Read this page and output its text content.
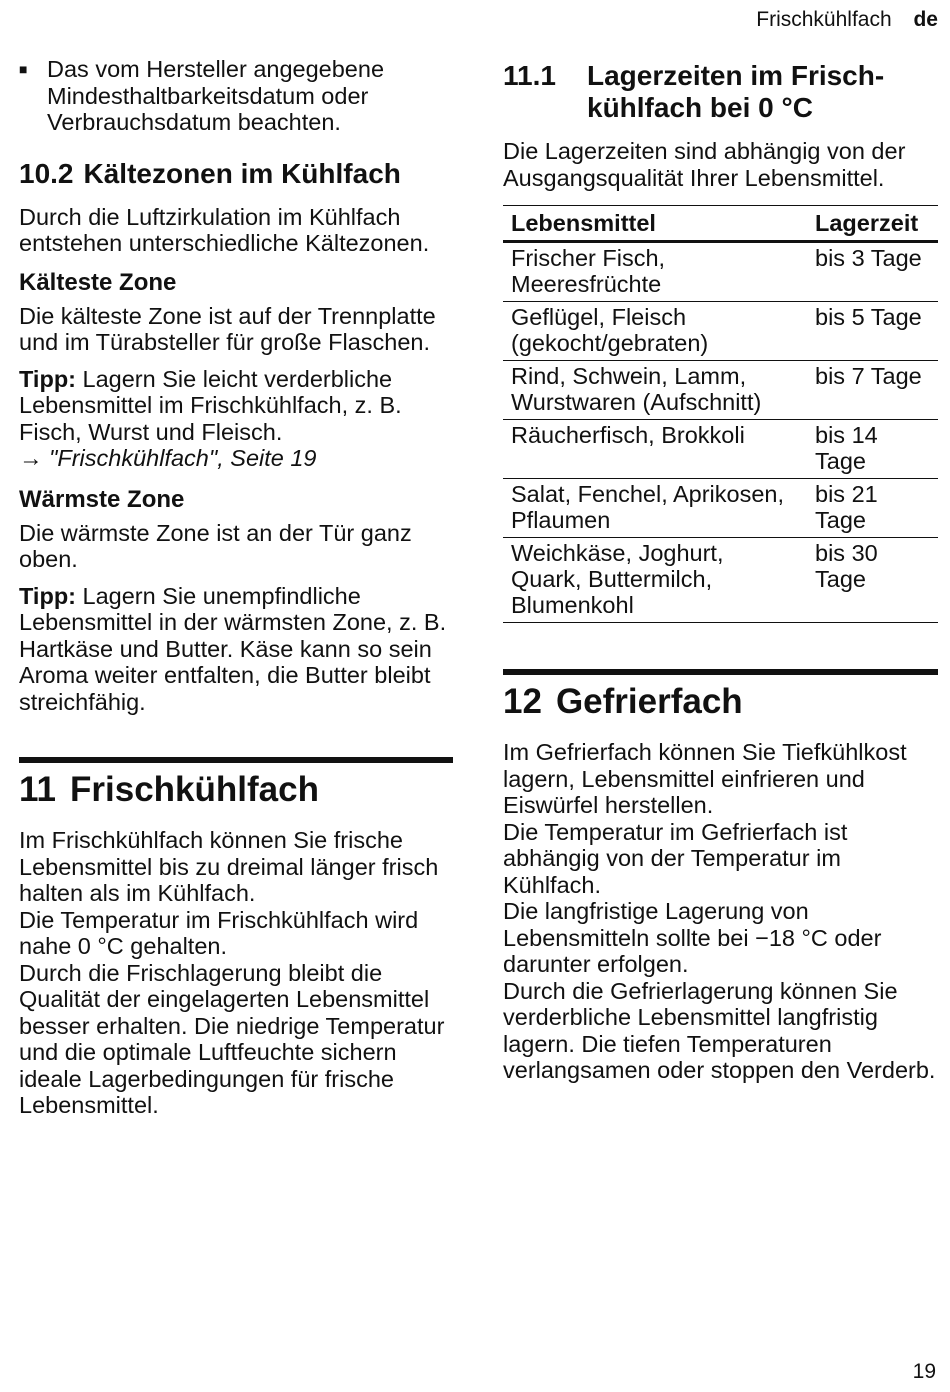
Frischkühlfach de
■ Das vom Hersteller angegebene Mindesthaltbarkeitsdatum oder Verbrauchsdatum beachten.

10.2 Kältezonen im Kühlfach

Durch die Luftzirkulation im Kühlfach entstehen unterschiedliche Kältezonen.

Kälteste Zone

Die kälteste Zone ist auf der Trennplatte und im Türabsteller für große Flaschen.

Tipp: Lagern Sie leicht verderbliche Lebensmittel im Frischkühlfach, z. B. Fisch, Wurst und Fleisch.

→ "Frischkühlfach", Seite 19

Wärmste Zone

Die wärmste Zone ist an der Tür ganz oben.

Tipp: Lagern Sie unempfindliche Lebensmittel in der wärmsten Zone, z. B. Hartkäse und Butter. Käse kann so sein Aroma weiter entfalten, die Butter bleibt streichfähig.

11 Frischkühlfach

Im Frischkühlfach können Sie frische Lebensmittel bis zu dreimal länger frisch halten als im Kühlfach.

Die Temperatur im Frischkühlfach wird nahe 0 °C gehalten.

Durch die Frischlagerung bleibt die Qualität der eingelagerten Lebensmittel besser erhalten. Die niedrige Temperatur und die optimale Luftfeuchte sichern ideale Lagerbedingungen für frische Lebensmittel.

11.1	Lagerzeiten im Frisch-
kühlfach bei 0 °C

Die Lagerzeiten sind abhängig von der Ausgangsqualität Ihrer Lebensmittel.

Lebensmittel	Lagerzeit
Frischer Fisch, Meeresfrüchte	bis 3 Tage
Geflügel, Fleisch (gekocht/gebraten)	bis 5 Tage
Rind, Schwein, Lamm, Wurstwaren (Aufschnitt)	bis 7 Tage
Räucherfisch, Brokkoli	bis 14 Tage
Salat, Fenchel, Aprikosen, Pflaumen	bis 21 Tage
Weichkäse, Joghurt, Quark, Buttermilch, Blumenkohl	bis 30 Tage
12 Gefrierfach

Im Gefrierfach können Sie Tiefkühlkost lagern, Lebensmittel einfrieren und Eiswürfel herstellen.

Die Temperatur im Gefrierfach ist abhängig von der Temperatur im Kühlfach.

Die langfristige Lagerung von Lebensmitteln sollte bei −18 °C oder darunter erfolgen.

Durch die Gefrierlagerung können Sie verderbliche Lebensmittel langfristig lagern. Die tiefen Temperaturen verlangsamen oder stoppen den Verderb.

19
